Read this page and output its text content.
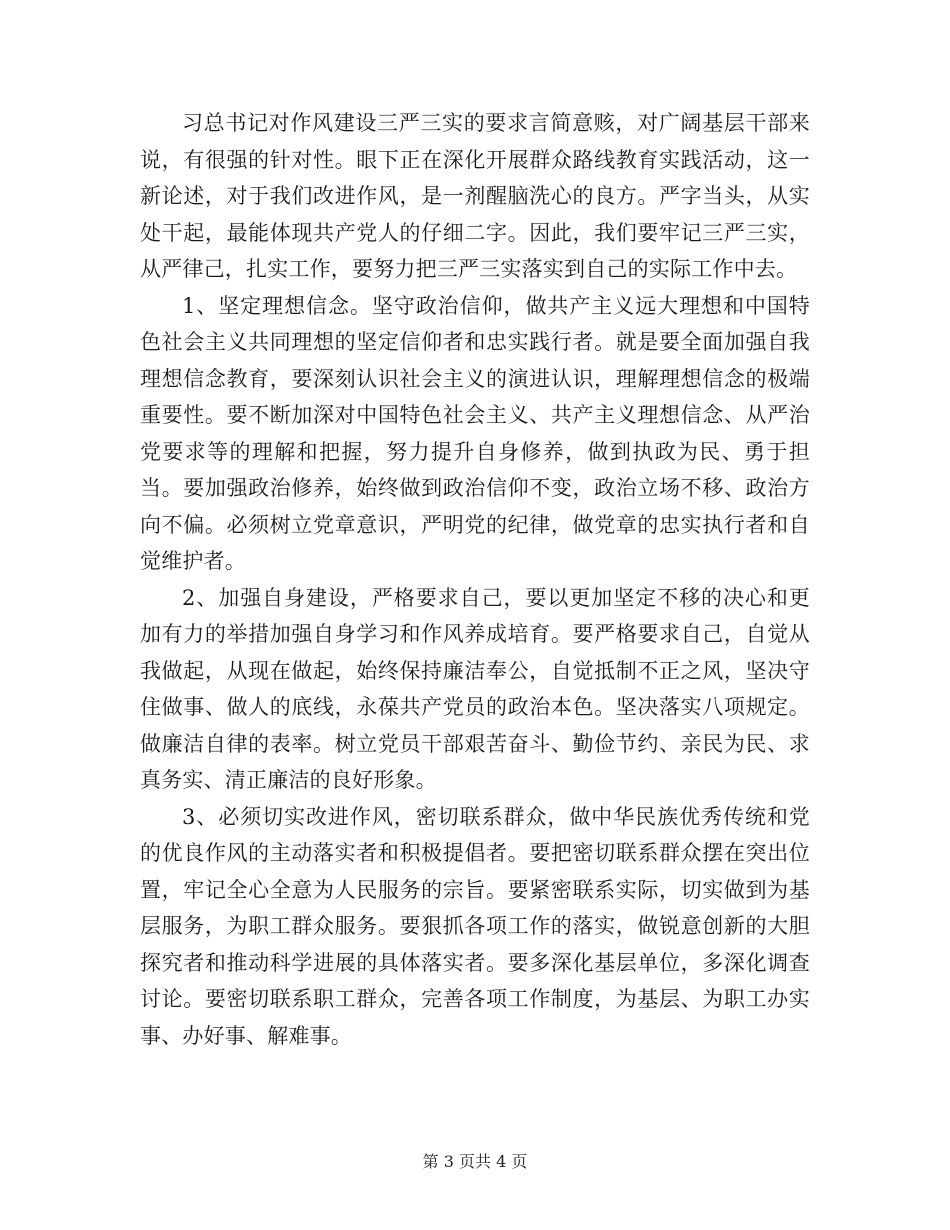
习总书记对作风建设三严三实的要求言简意赅，对广阔基层干部来说，有很强的针对性。眼下正在深化开展群众路线教育实践活动，这一新论述，对于我们改进作风，是一剂醒脑洗心的良方。严字当头，从实处干起，最能体现共产党人的仔细二字。因此，我们要牢记三严三实，从严律己，扎实工作，要努力把三严三实落实到自己的实际工作中去。

1、坚定理想信念。坚守政治信仰，做共产主义远大理想和中国特色社会主义共同理想的坚定信仰者和忠实践行者。就是要全面加强自我理想信念教育，要深刻认识社会主义的演进认识，理解理想信念的极端重要性。要不断加深对中国特色社会主义、共产主义理想信念、从严治党要求等的理解和把握，努力提升自身修养，做到执政为民、勇于担当。要加强政治修养，始终做到政治信仰不变，政治立场不移、政治方向不偏。必须树立党章意识，严明党的纪律，做党章的忠实执行者和自觉维护者。

2、加强自身建设，严格要求自己，要以更加坚定不移的决心和更加有力的举措加强自身学习和作风养成培育。要严格要求自己，自觉从我做起，从现在做起，始终保持廉洁奉公，自觉抵制不正之风，坚决守住做事、做人的底线，永葆共产党员的政治本色。坚决落实八项规定。做廉洁自律的表率。树立党员干部艰苦奋斗、勤俭节约、亲民为民、求真务实、清正廉洁的良好形象。

3、必须切实改进作风，密切联系群众，做中华民族优秀传统和党的优良作风的主动落实者和积极提倡者。要把密切联系群众摆在突出位置，牢记全心全意为人民服务的宗旨。要紧密联系实际，切实做到为基层服务，为职工群众服务。要狠抓各项工作的落实，做锐意创新的大胆探究者和推动科学进展的具体落实者。要多深化基层单位，多深化调查讨论。要密切联系职工群众，完善各项工作制度，为基层、为职工办实事、办好事、解难事。

第 3 页共 4 页
